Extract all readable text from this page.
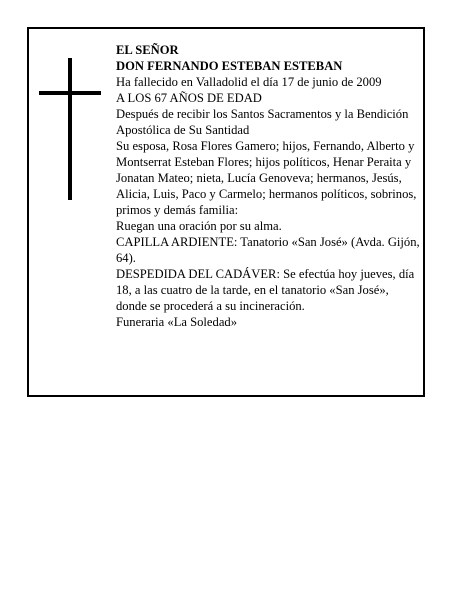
EL SEÑOR
DON FERNANDO ESTEBAN ESTEBAN
Ha fallecido en Valladolid el día 17 de junio de 2009
A LOS 67 AÑOS DE EDAD
Después de recibir los Santos Sacramentos y la Bendición Apostólica de Su Santidad
Su esposa, Rosa Flores Gamero; hijos, Fernando, Alberto y Montserrat Esteban Flores; hijos políticos, Henar Peraita y Jonatan Mateo; nieta, Lucía Genoveva; hermanos, Jesús, Alicia, Luis, Paco y Carmelo; hermanos políticos, sobrinos, primos y demás familia:
Ruegan una oración por su alma.
CAPILLA ARDIENTE: Tanatorio «San José» (Avda. Gijón, 64).
DESPEDIDA DEL CADÁVER: Se efectúa hoy jueves, día 18, a las cuatro de la tarde, en el tanatorio «San José», donde se procederá a su incineración.
Funeraria «La Soledad»
